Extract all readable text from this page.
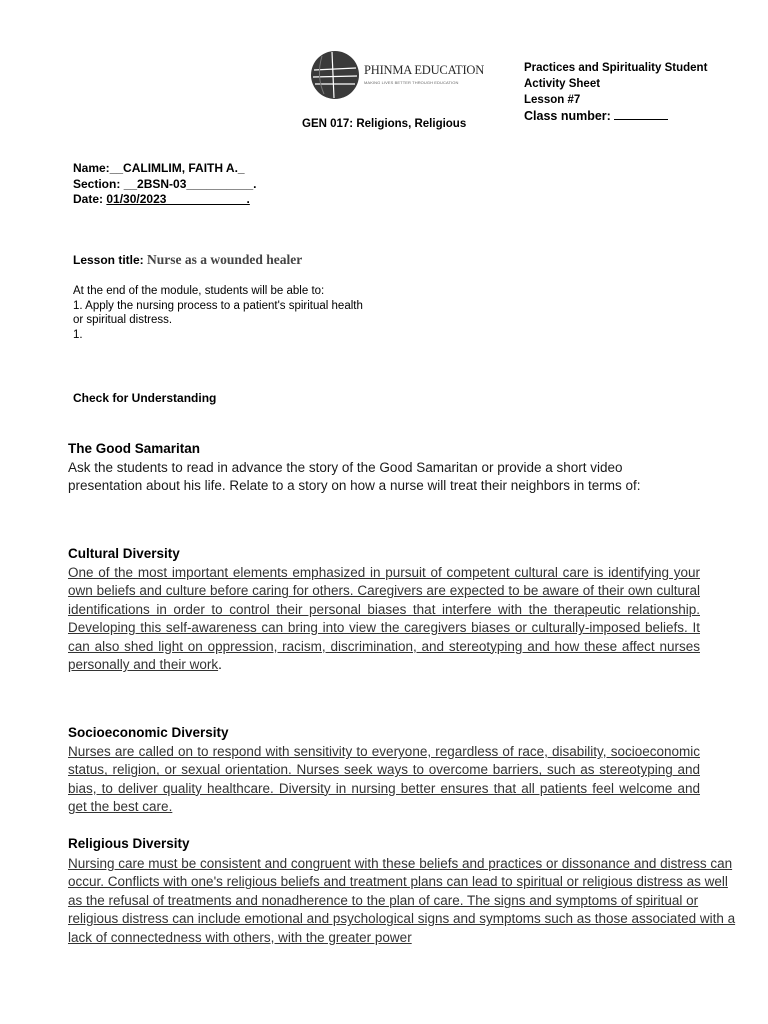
PHINMA EDUCATION
MAKING LIVES BETTER THROUGH EDUCATION
GEN 017: Religions, Religious
Practices and Spirituality Student
Activity Sheet
Lesson #7
Class number:
Name:__CALIMLIM, FAITH A._
Section: __2BSN-03__________.
Date: 01/30/2023____________.
Lesson title: Nurse as a wounded healer
At the end of the module, students will be able to:
1. Apply the nursing process to a patient's spiritual health
or spiritual distress.
1.
Check for Understanding
The Good Samaritan
Ask the students to read in advance the story of the Good Samaritan or provide a short video presentation about his life. Relate to a story on how a nurse will treat their neighbors in terms of:
Cultural Diversity
One of the most important elements emphasized in pursuit of competent cultural care is identifying your own beliefs and culture before caring for others. Caregivers are expected to be aware of their own cultural identifications in order to control their personal biases that interfere with the therapeutic relationship. Developing this self-awareness can bring into view the caregivers biases or culturally-imposed beliefs. It can also shed light on oppression, racism, discrimination, and stereotyping and how these affect nurses personally and their work.
Socioeconomic Diversity
Nurses are called on to respond with sensitivity to everyone, regardless of race, disability, socioeconomic status, religion, or sexual orientation. Nurses seek ways to overcome barriers, such as stereotyping and bias, to deliver quality healthcare. Diversity in nursing better ensures that all patients feel welcome and get the best care.
Religious Diversity
Nursing care must be consistent and congruent with these beliefs and practices or dissonance and distress can occur. Conflicts with one's religious beliefs and treatment plans can lead to spiritual or religious distress as well as the refusal of treatments and nonadherence to the plan of care. The signs and symptoms of spiritual or religious distress can include emotional and psychological signs and symptoms such as those associated with a lack of connectedness with others, with the greater power
